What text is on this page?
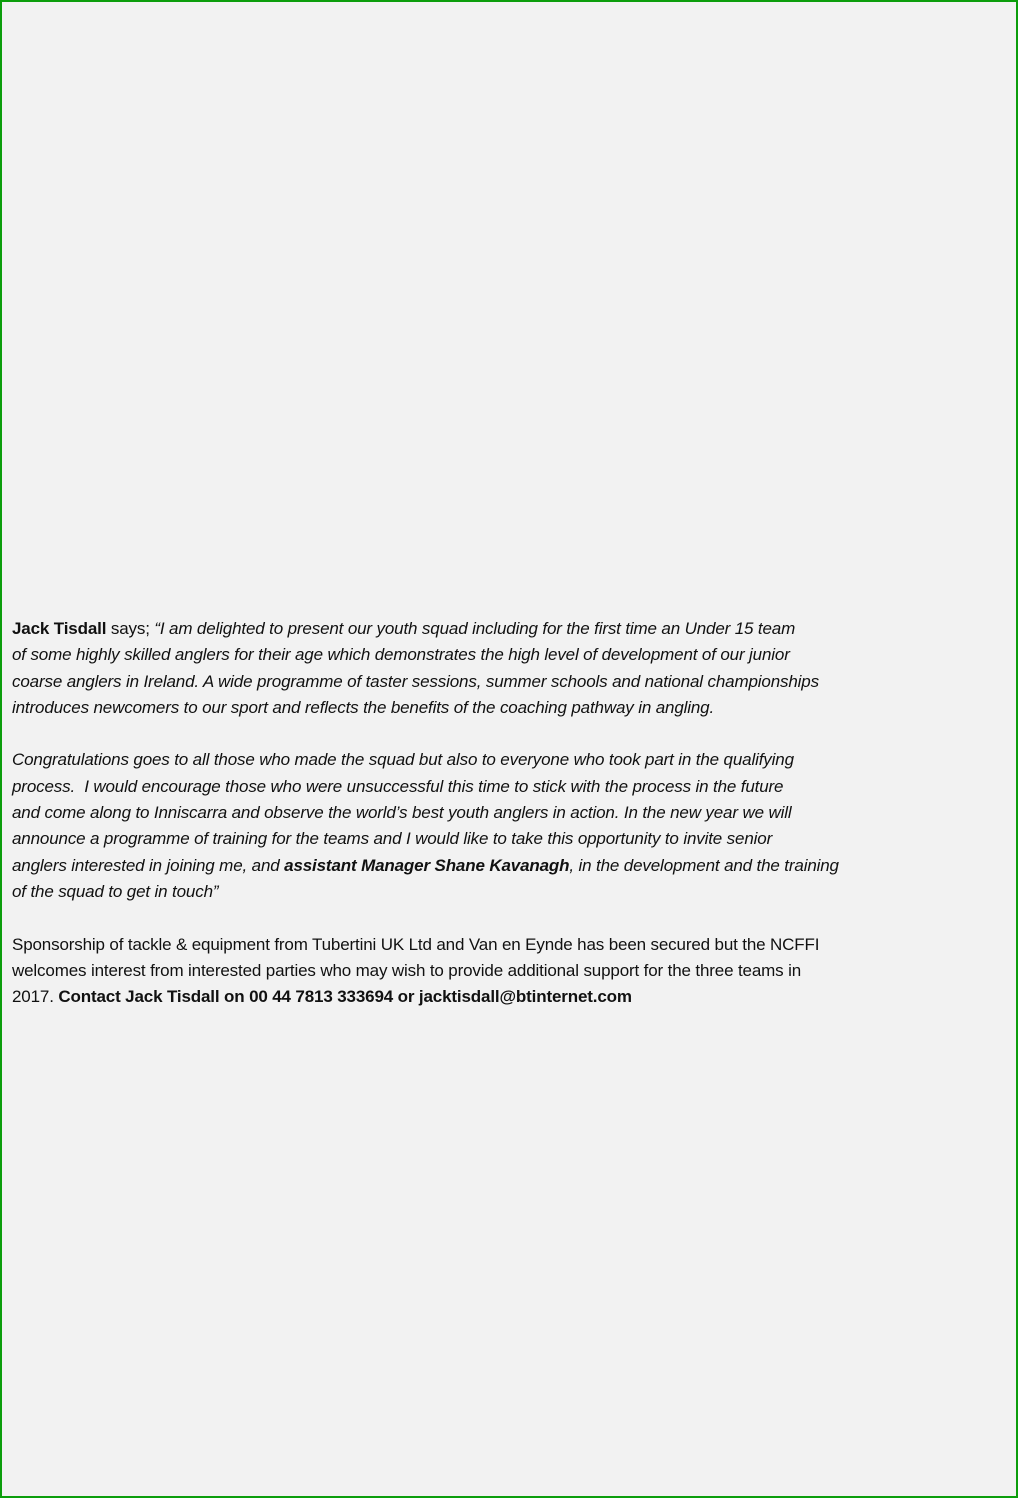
Jack Tisdall says; “I am delighted to present our youth squad including for the first time an Under 15 team
of some highly skilled anglers for their age which demonstrates the high level of development of our junior
coarse anglers in Ireland. A wide programme of taster sessions, summer schools and national championships
introduces newcomers to our sport and reflects the benefits of the coaching pathway in angling.

Congratulations goes to all those who made the squad but also to everyone who took part in the qualifying
process.  I would encourage those who were unsuccessful this time to stick with the process in the future
and come along to Inniscarra and observe the world’s best youth anglers in action. In the new year we will
announce a programme of training for the teams and I would like to take this opportunity to invite senior
anglers interested in joining me, and assistant Manager Shane Kavanagh, in the development and the training
of the squad to get in touch”

Sponsorship of tackle & equipment from Tubertini UK Ltd and Van en Eynde has been secured but the NCFFI
welcomes interest from interested parties who may wish to provide additional support for the three teams in
2017. Contact Jack Tisdall on 00 44 7813 333694 or jacktisdall@btinternet.com
